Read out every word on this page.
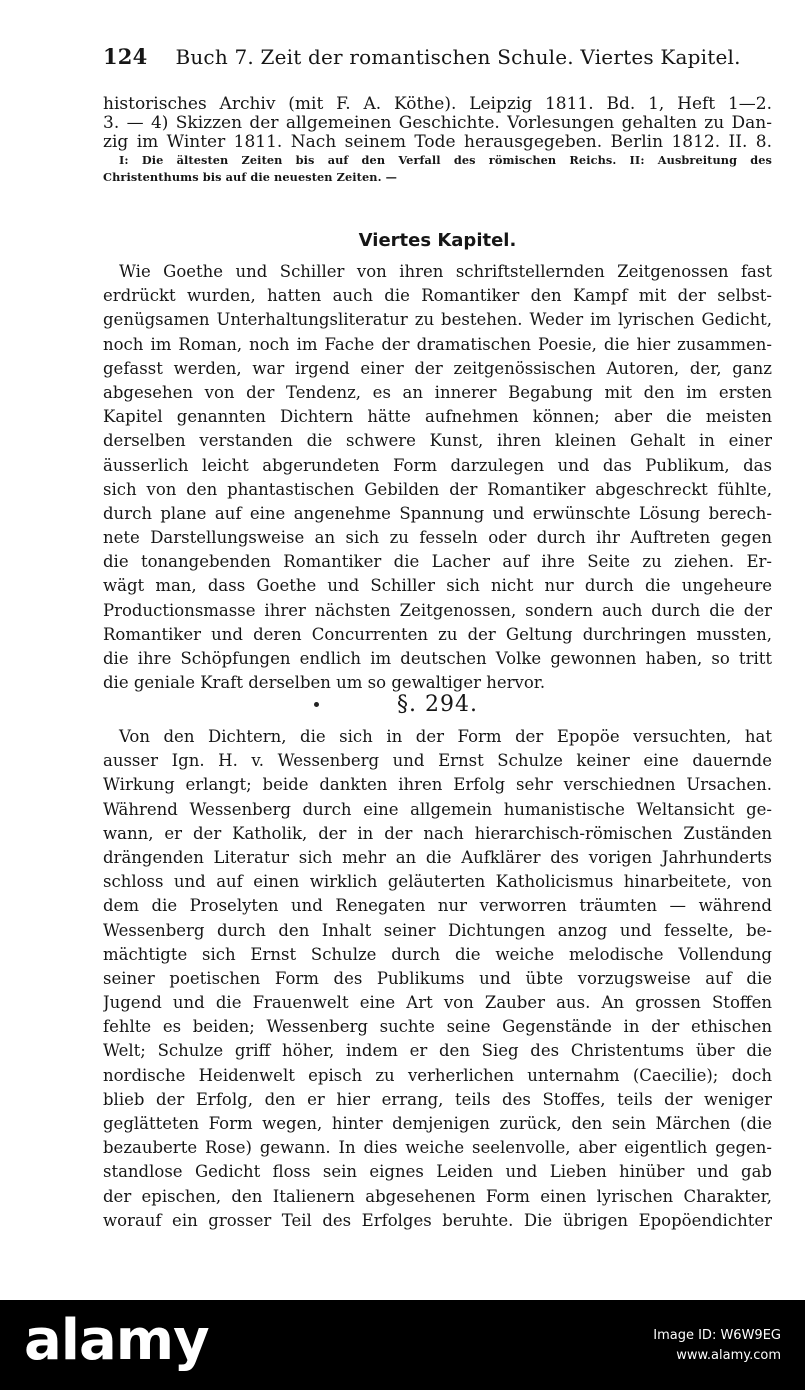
124 Buch 7. Zeit der romantischen Schule. Viertes Kapitel.
historisches Archiv (mit F. A. Köthe). Leipzig 1811. Bd. 1, Heft 1—2.
3. — 4) Skizzen der allgemeinen Geschichte. Vorlesungen gehalten zu Dan-
zig im Winter 1811. Nach seinem Tode herausgegeben. Berlin 1812. II. 8.
I: Die ältesten Zeiten bis auf den Verfall des römischen Reichs. II: Ausbreitung des
Christenthums bis auf die neuesten Zeiten. —
Viertes Kapitel.
Wie Goethe und Schiller von ihren schriftstellernden Zeitgenossen fast
erdrückt wurden, hatten auch die Romantiker den Kampf mit der selbst-
genügsamen Unterhaltungsliteratur zu bestehen. Weder im lyrischen Gedicht,
noch im Roman, noch im Fache der dramatischen Poesie, die hier zusammen-
gefasst werden, war irgend einer der zeitgenössischen Autoren, der, ganz
abgesehen von der Tendenz, es an innerer Begabung mit den im ersten
Kapitel genannten Dichtern hätte aufnehmen können; aber die meisten
derselben verstanden die schwere Kunst, ihren kleinen Gehalt in einer
äusserlich leicht abgerundeten Form darzulegen und das Publikum, das
sich von den phantastischen Gebilden der Romantiker abgeschreckt fühlte,
durch plane auf eine angenehme Spannung und erwünschte Lösung berech-
nete Darstellungsweise an sich zu fesseln oder durch ihr Auftreten gegen
die tonangebenden Romantiker die Lacher auf ihre Seite zu ziehen. Er-
wägt man, dass Goethe und Schiller sich nicht nur durch die ungeheure
Productionsmasse ihrer nächsten Zeitgenossen, sondern auch durch die der
Romantiker und deren Concurrenten zu der Geltung durchringen mussten,
die ihre Schöpfungen endlich im deutschen Volke gewonnen haben, so tritt
die geniale Kraft derselben um so gewaltiger hervor.
§. 294.
Von den Dichtern, die sich in der Form der Epopöe versuchten, hat
ausser Ign. H. v. Wessenberg und Ernst Schulze keiner eine dauernde
Wirkung erlangt; beide dankten ihren Erfolg sehr verschiednen Ursachen.
Während Wessenberg durch eine allgemein humanistische Weltansicht ge-
wann, er der Katholik, der in der nach hierarchisch-römischen Zuständen
drängenden Literatur sich mehr an die Aufklärer des vorigen Jahrhunderts
schloss und auf einen wirklich geläuterten Katholicismus hinarbeitete, von
dem die Proselyten und Renegaten nur verworren träumten — während
Wessenberg durch den Inhalt seiner Dichtungen anzog und fesselte, be-
mächtigte sich Ernst Schulze durch die weiche melodische Vollendung
seiner poetischen Form des Publikums und übte vorzugsweise auf die
Jugend und die Frauenwelt eine Art von Zauber aus. An grossen Stoffen
fehlte es beiden; Wessenberg suchte seine Gegenstände in der ethischen
Welt; Schulze griff höher, indem er den Sieg des Christentums über die
nordische Heidenwelt episch zu verherlichen unternahm (Caecilie); doch
blieb der Erfolg, den er hier errang, teils des Stoffes, teils der weniger
geglätteten Form wegen, hinter demjenigen zurück, den sein Märchen (die
bezauberte Rose) gewann. In dies weiche seelenvolle, aber eigentlich gegen-
standlose Gedicht floss sein eignes Leiden und Lieben hinüber und gab
der epischen, den Italienern abgesehenen Form einen lyrischen Charakter,
worauf ein grosser Teil des Erfolges beruhte. Die übrigen Epopöendichter
alamy	Image ID: W6W9EG
www.alamy.com
